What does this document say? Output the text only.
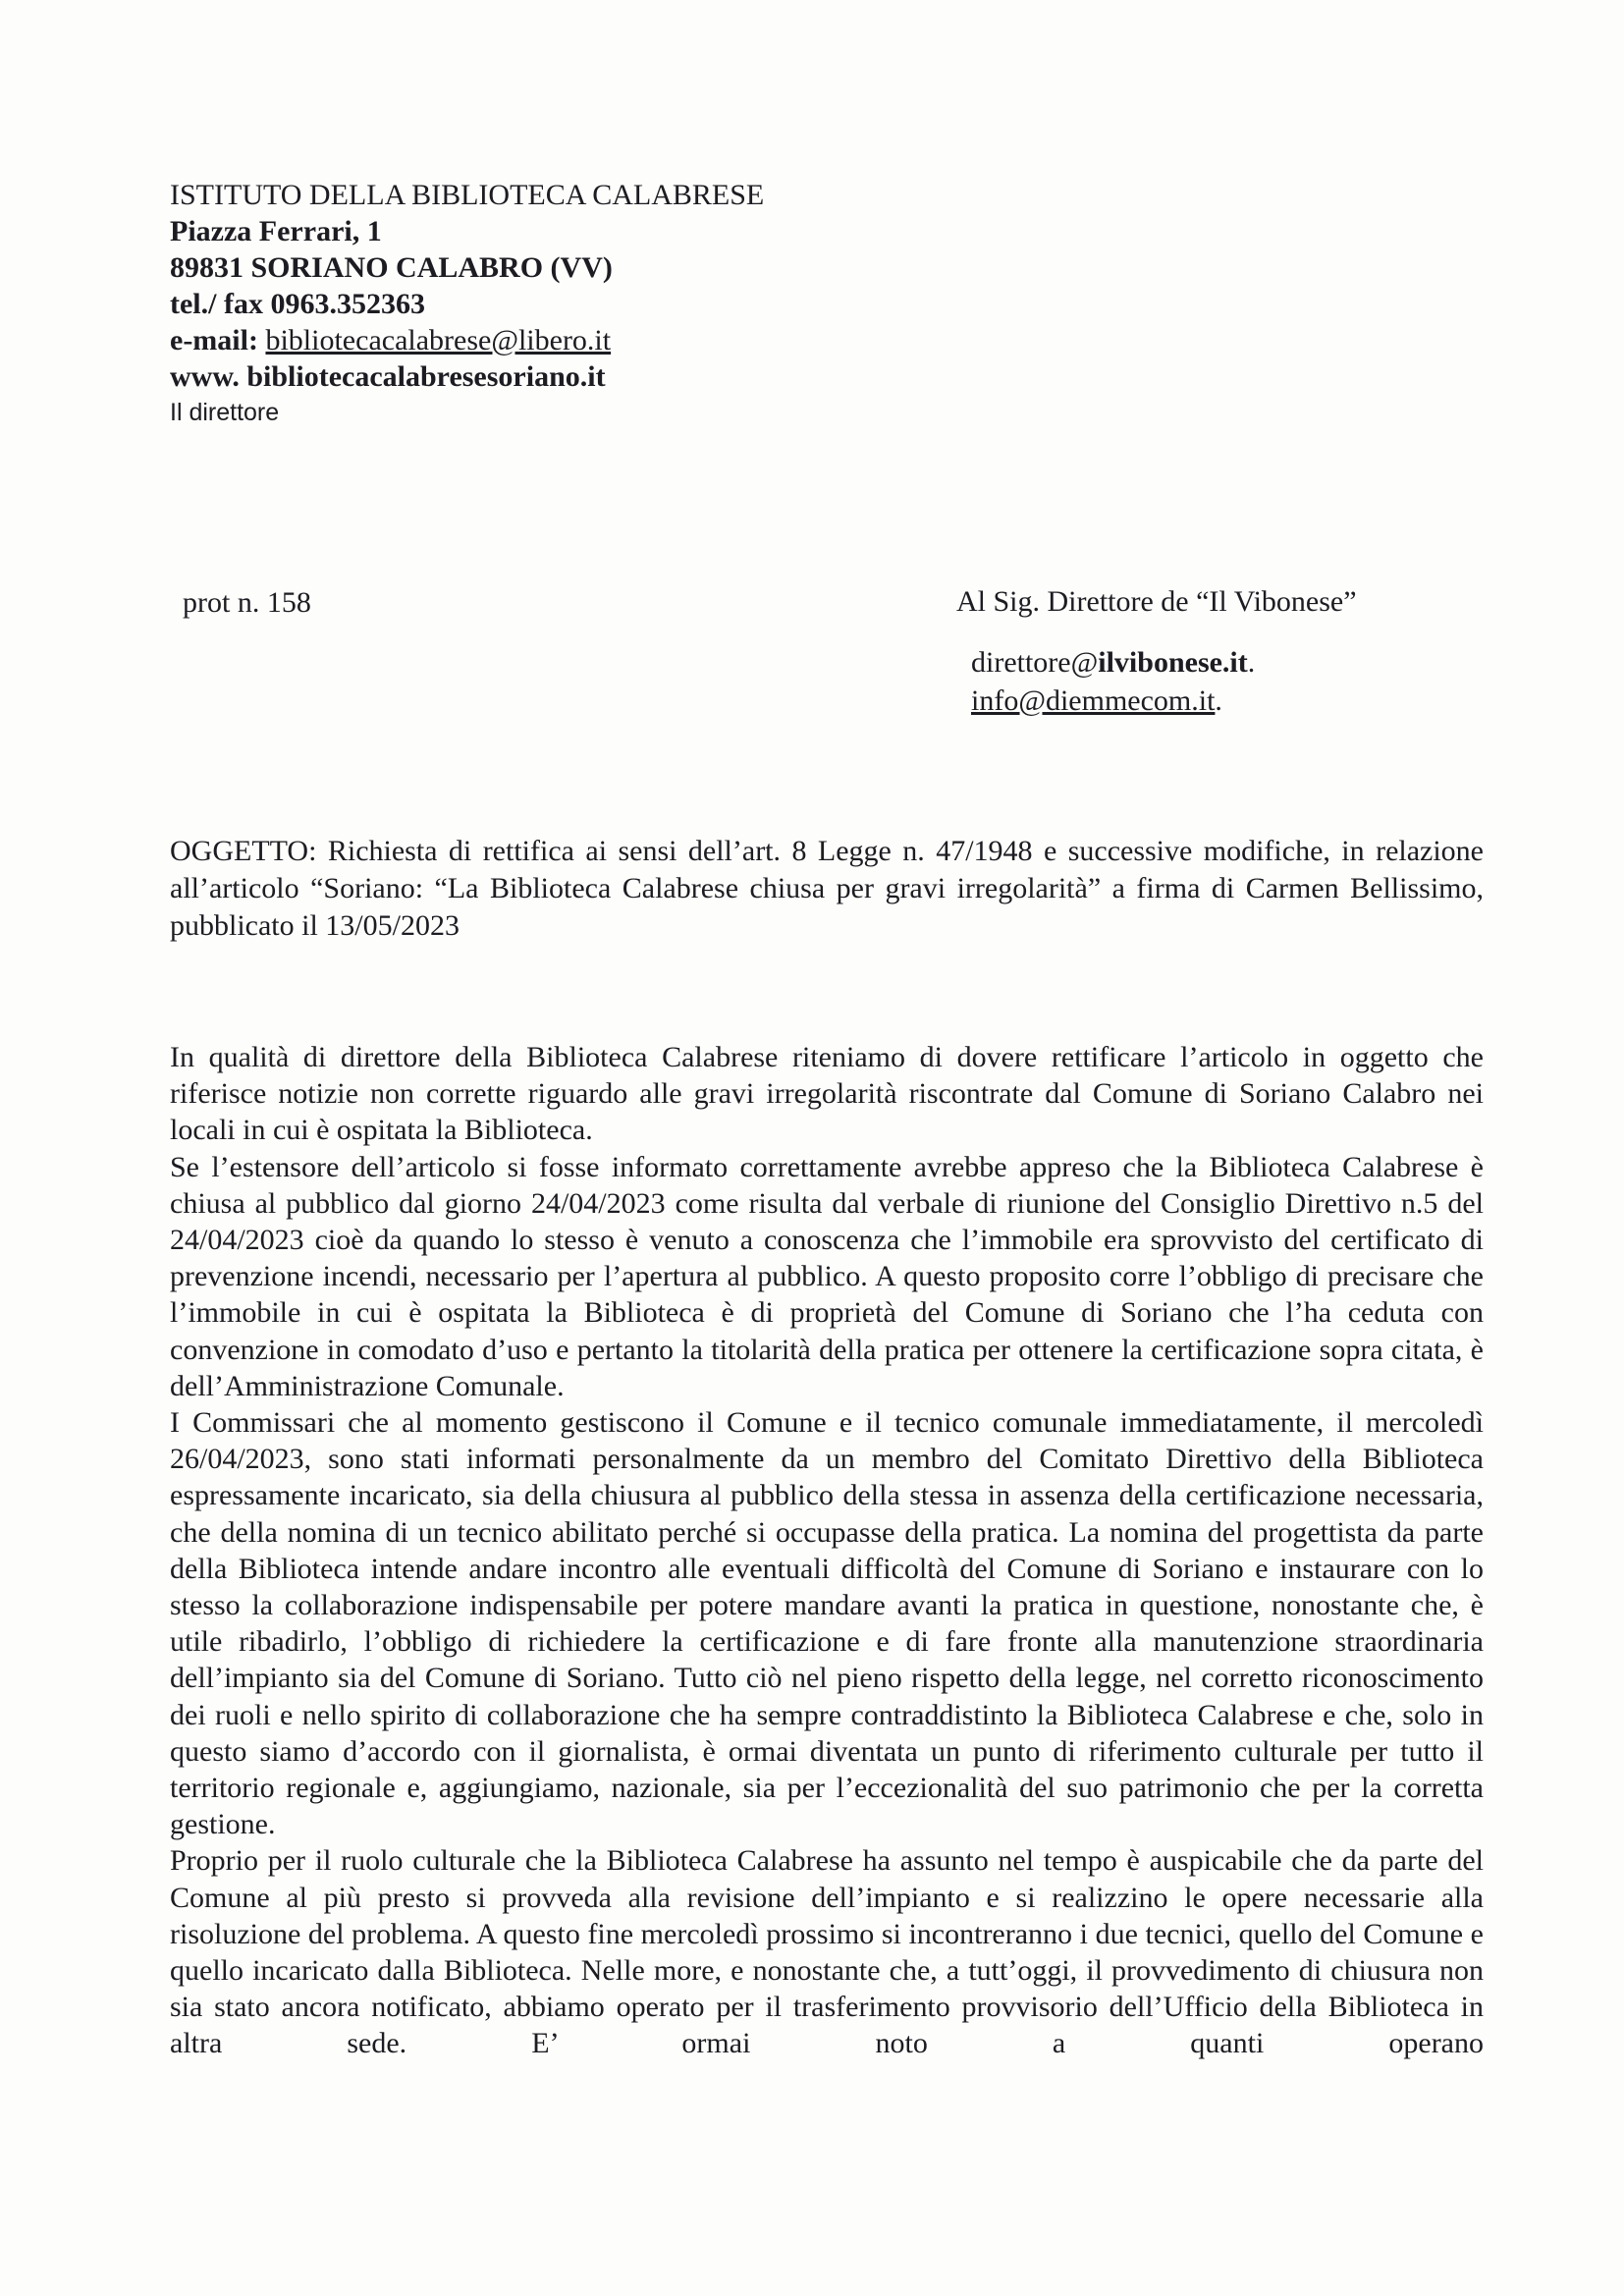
ISTITUTO DELLA BIBLIOTECA CALABRESE
Piazza Ferrari, 1
89831 SORIANO CALABRO (VV)
tel./ fax 0963.352363
e-mail: bibliotecacalabrese@libero.it
www. bibliotecacalabresesoriano.it
Il direttore
prot n. 158	Al Sig. Direttore de “Il Vibonese”
direttore@ilvibonese.it.
info@diemmecom.it.
OGGETTO: Richiesta di rettifica ai sensi dell’art. 8 Legge n. 47/1948 e successive modifiche, in relazione all’articolo “Soriano: “La Biblioteca Calabrese chiusa per gravi irregolarità” a firma di Carmen Bellissimo, pubblicato il 13/05/2023

In qualità di direttore della Biblioteca Calabrese riteniamo di dovere rettificare l’articolo in oggetto che riferisce notizie non corrette riguardo alle gravi irregolarità riscontrate dal Comune di Soriano Calabro nei locali in cui è ospitata la Biblioteca.

Se l’estensore dell’articolo si fosse informato correttamente avrebbe appreso che la Biblioteca Calabrese è chiusa al pubblico dal giorno 24/04/2023 come risulta dal verbale di riunione del Consiglio Direttivo n.5 del 24/04/2023 cioè da quando lo stesso è venuto a conoscenza che l’immobile era sprovvisto del certificato di prevenzione incendi, necessario per l’apertura al pubblico. A questo proposito corre l’obbligo di precisare che l’immobile in cui è ospitata la Biblioteca è di proprietà del Comune di Soriano che l’ha ceduta con convenzione in comodato d’uso e pertanto la titolarità della pratica per ottenere la certificazione sopra citata, è dell’Amministrazione Comunale.

I Commissari che al momento gestiscono il Comune e il tecnico comunale immediatamente, il mercoledì 26/04/2023, sono stati informati personalmente da un membro del Comitato Direttivo della Biblioteca espressamente incaricato, sia della chiusura al pubblico della stessa in assenza della certificazione necessaria, che della nomina di un tecnico abilitato perché si occupasse della pratica. La nomina del progettista da parte della Biblioteca intende andare incontro alle eventuali difficoltà del Comune di Soriano e instaurare con lo stesso la collaborazione indispensabile per potere mandare avanti la pratica in questione, nonostante che, è utile ribadirlo, l’obbligo di richiedere la certificazione e di fare fronte alla manutenzione straordinaria dell’impianto sia del Comune di Soriano. Tutto ciò nel pieno rispetto della legge, nel corretto riconoscimento dei ruoli e nello spirito di collaborazione che ha sempre contraddistinto la Biblioteca Calabrese e che, solo in questo siamo d’accordo con il giornalista, è ormai diventata un punto di riferimento culturale per tutto il territorio regionale e, aggiungiamo, nazionale, sia per l’eccezionalità del suo patrimonio che per la corretta gestione.

Proprio per il ruolo culturale che la Biblioteca Calabrese ha assunto nel tempo è auspicabile che da parte del Comune al più presto si provveda alla revisione dell’impianto e si realizzino le opere necessarie alla risoluzione del problema. A questo fine mercoledì prossimo si incontreranno i due tecnici, quello del Comune e quello incaricato dalla Biblioteca. Nelle more, e nonostante che, a tutt’oggi, il provvedimento di chiusura non sia stato ancora notificato, abbiamo operato per il trasferimento provvisorio dell’Ufficio della Biblioteca in altra sede. E’ ormai noto a quanti operano
